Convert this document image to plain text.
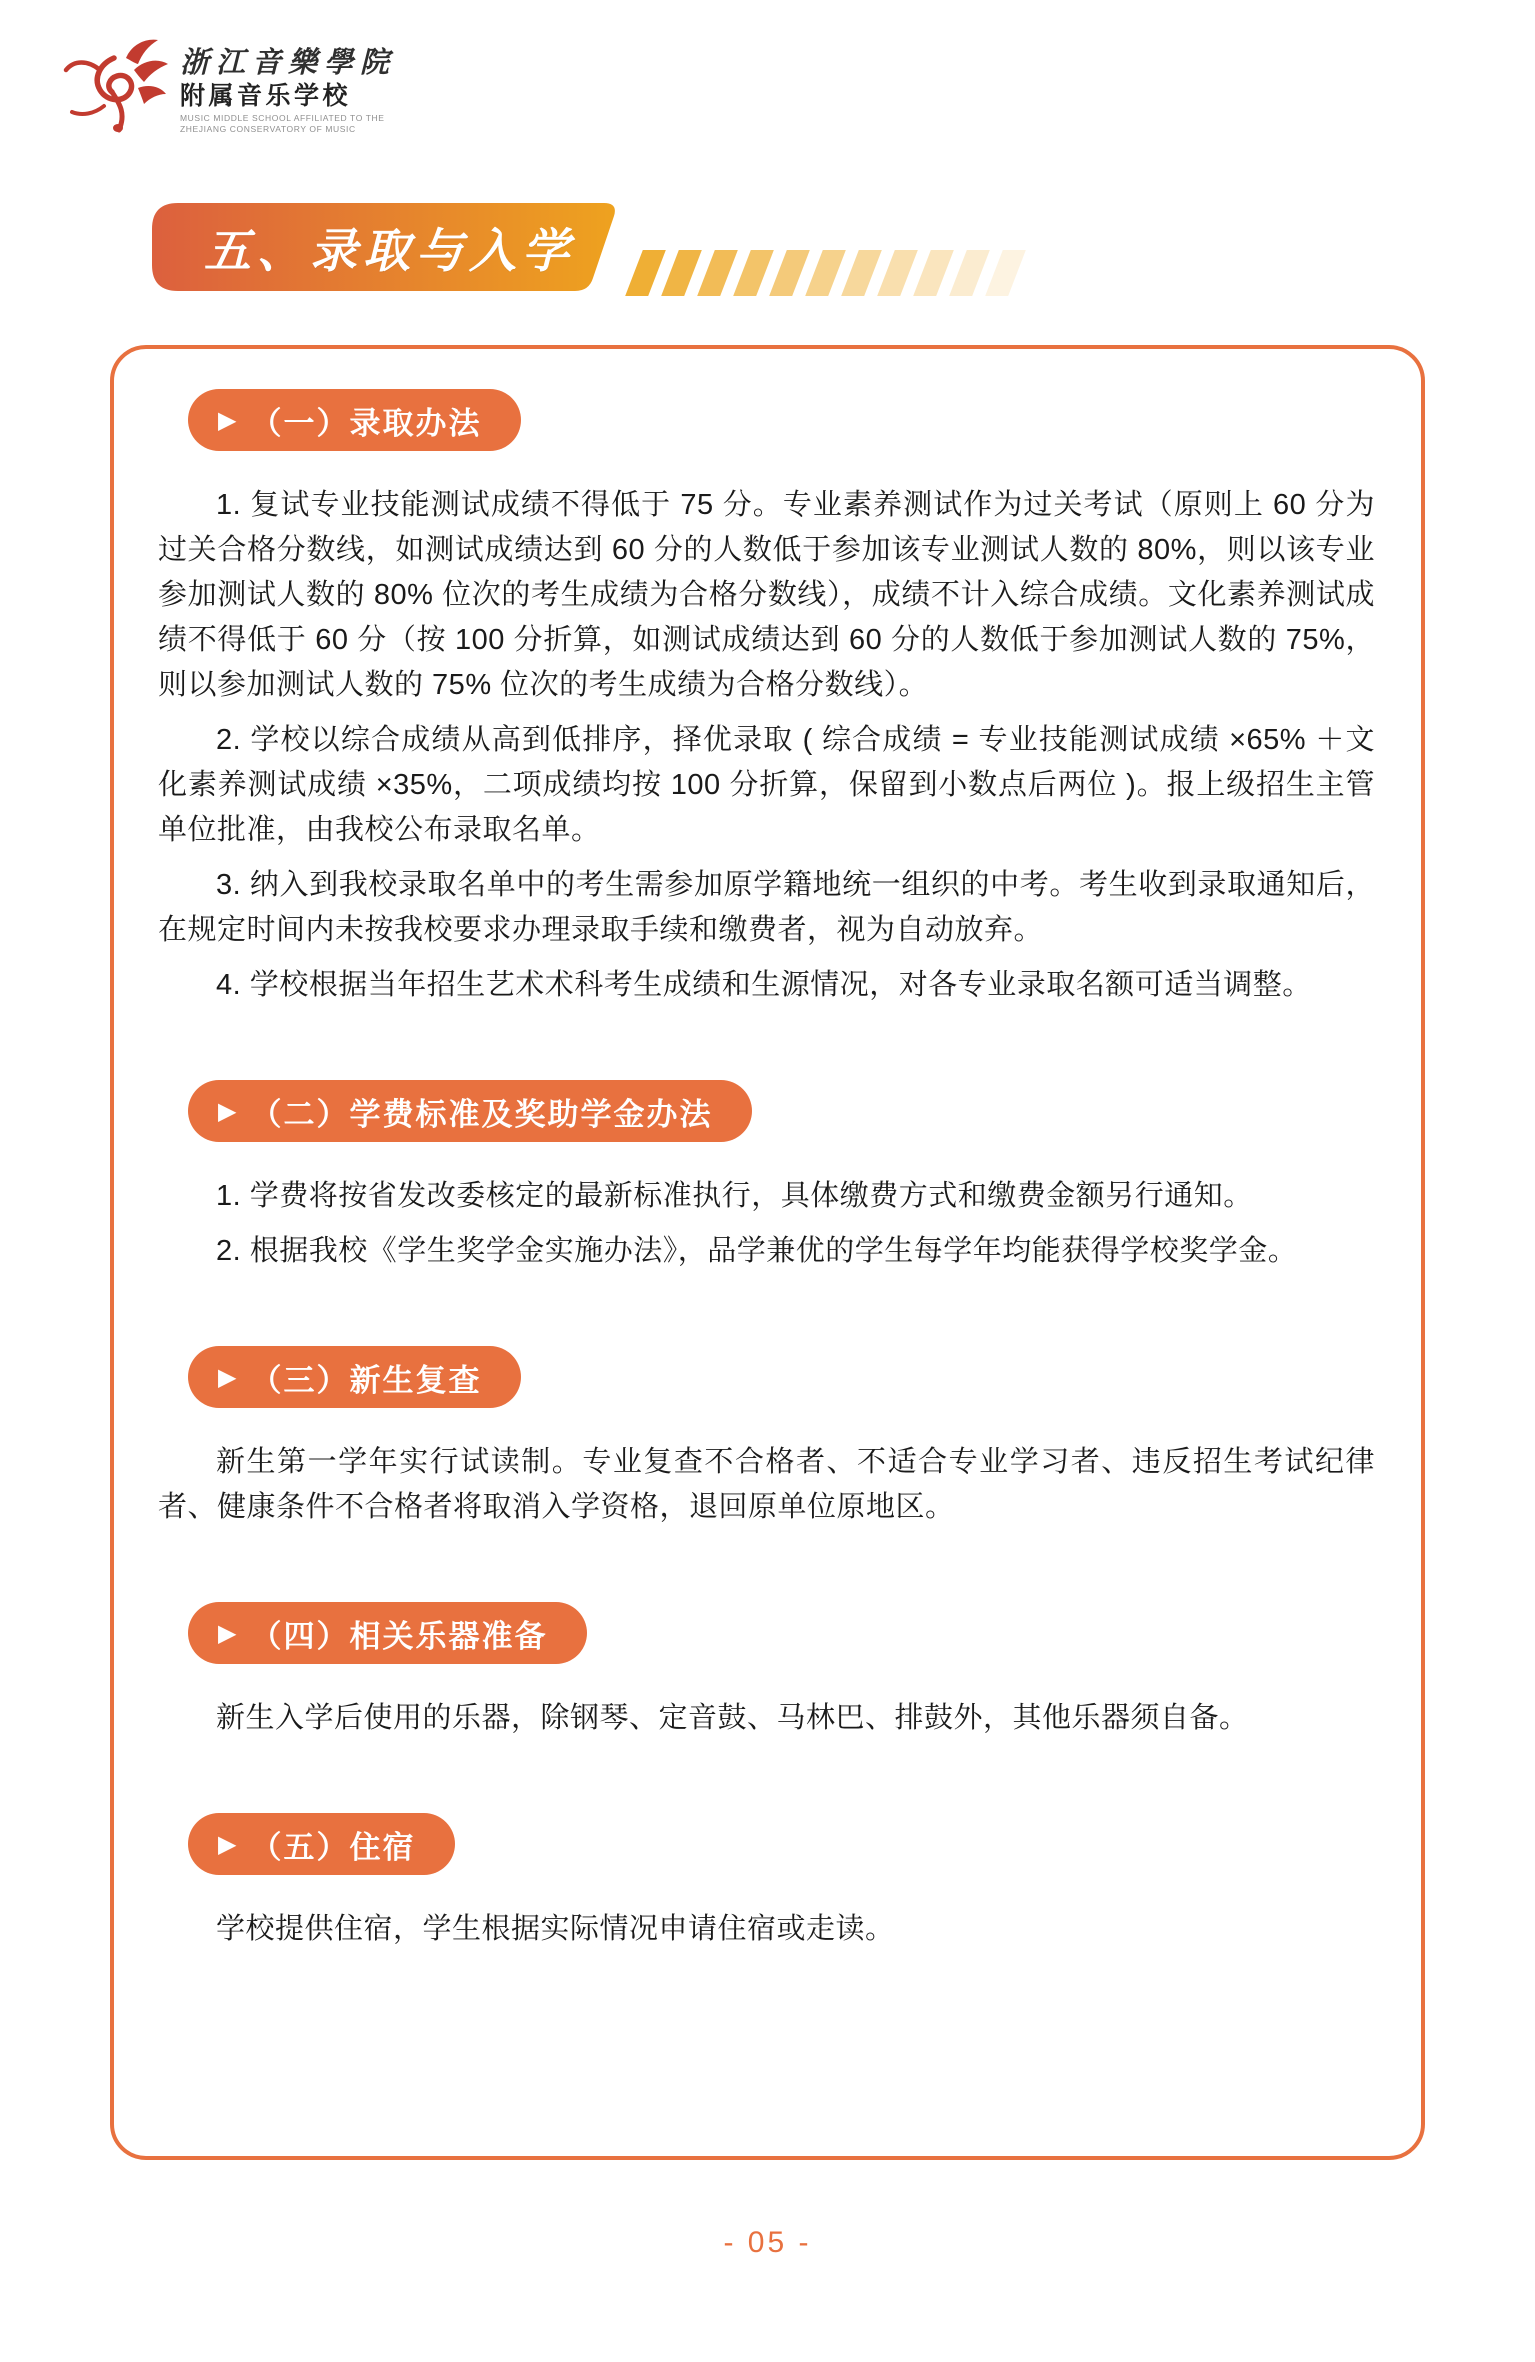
浙江音樂學院
附属音乐学校
MUSIC MIDDLE SCHOOL AFFILIATED TO THE
ZHEJIANG CONSERVATORY OF MUSIC
五、录取与入学
▶ （一）录取办法

1. 复试专业技能测试成绩不得低于 75 分。专业素养测试作为过关考试（原则上 60 分为过关合格分数线，如测试成绩达到 60 分的人数低于参加该专业测试人数的 80%，则以该专业参加测试人数的 80% 位次的考生成绩为合格分数线），成绩不计入综合成绩。文化素养测试成绩不得低于 60 分（按 100 分折算，如测试成绩达到 60 分的人数低于参加测试人数的 75%，则以参加测试人数的 75% 位次的考生成绩为合格分数线）。

2. 学校以综合成绩从高到低排序，择优录取 ( 综合成绩 = 专业技能测试成绩 ×65% ＋文化素养测试成绩 ×35%，二项成绩均按 100 分折算，保留到小数点后两位 )。报上级招生主管单位批准，由我校公布录取名单。

3. 纳入到我校录取名单中的考生需参加原学籍地统一组织的中考。考生收到录取通知后，在规定时间内未按我校要求办理录取手续和缴费者，视为自动放弃。

4. 学校根据当年招生艺术术科考生成绩和生源情况，对各专业录取名额可适当调整。

▶ （二）学费标准及奖助学金办法

1. 学费将按省发改委核定的最新标准执行，具体缴费方式和缴费金额另行通知。

2. 根据我校《学生奖学金实施办法》，品学兼优的学生每学年均能获得学校奖学金。

▶ （三）新生复查

新生第一学年实行试读制。专业复查不合格者、不适合专业学习者、违反招生考试纪律者、健康条件不合格者将取消入学资格，退回原单位原地区。

▶ （四）相关乐器准备

新生入学后使用的乐器，除钢琴、定音鼓、马林巴、排鼓外，其他乐器须自备。

▶ （五）住宿

学校提供住宿，学生根据实际情况申请住宿或走读。

- 05 -
